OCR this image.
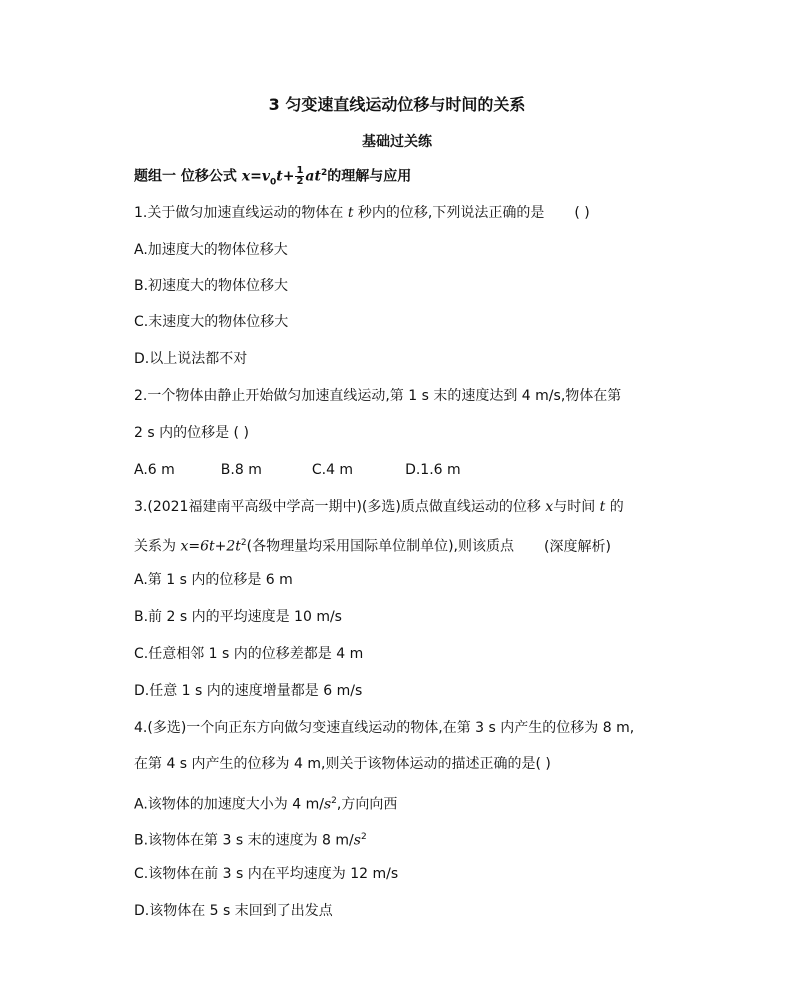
3 匀变速直线运动位移与时间的关系
基础过关练
题组一 位移公式 $x=v_0t+ \frac{1}{2} at^2$的理解与应用
1.关于做匀加速直线运动的物体在 t 秒内的位移,下列说法正确的是 ( )
A.加速度大的物体位移大
B.初速度大的物体位移大
C.末速度大的物体位移大
D.以上说法都不对
2.一个物体由静止开始做匀加速直线运动,第 1 s 末的速度达到 4 m/s,物体在第
2 s 内的位移是 ( )
A.6 m	B.8 m	C.4 m	D.1.6 m
3.(2021福建南平高级中学高一期中)(多选)质点做直线运动的位移 x与时间 t 的
关系为 $x=6t+2t^2$(各物理量均采用国际单位制单位),则该质点 (深度解析)
A.第 1 s 内的位移是 6 m
B.前 2 s 内的平均速度是 10 m/s
C.任意相邻 1 s 内的位移差都是 4 m
D.任意 1 s 内的速度增量都是 6 m/s
4.(多选)一个向正东方向做匀变速直线运动的物体,在第 3 s 内产生的位移为 8 m,
在第 4 s 内产生的位移为 4 m,则关于该物体运动的描述正确的是( )
A.该物体的加速度大小为 4 $m/s^2$,方向向西
B.该物体在第 3 s 末的速度为 8 $m/s^2$
C.该物体在前 3 s 内在平均速度为 12 m/s
D.该物体在 5 s 末回到了出发点
